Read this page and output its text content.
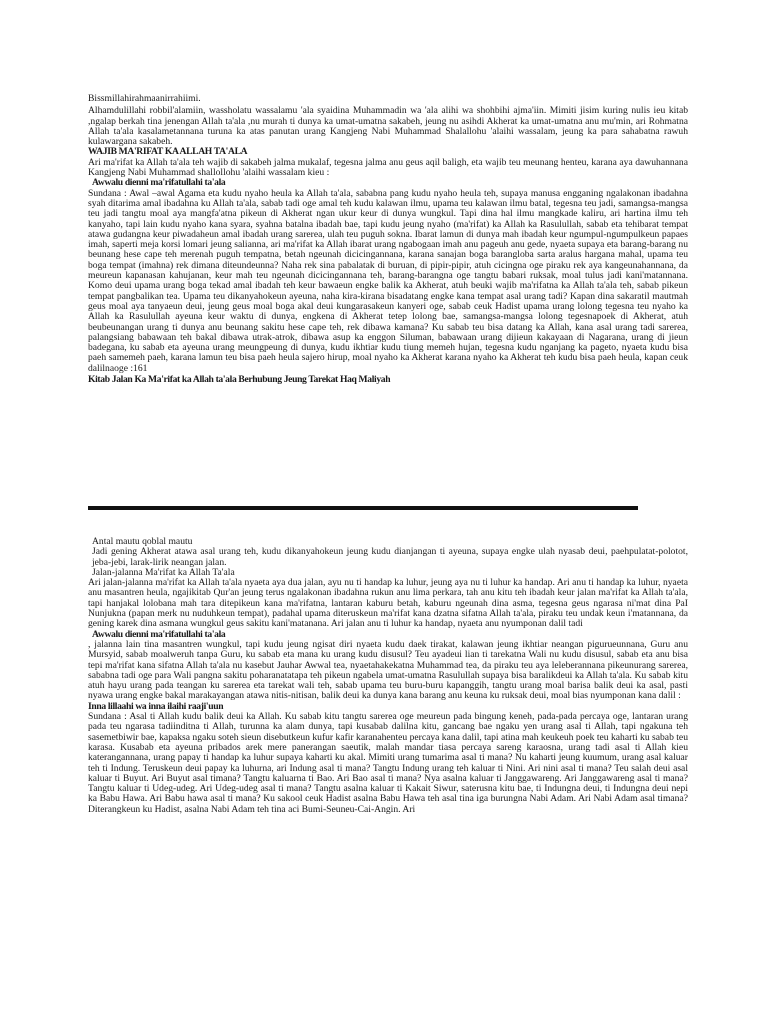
Bissmillahirahmaanirrahiimi.

Alhamdulillahi robbil'alamiin, wassholatu wassalamu 'ala syaidina Muhammadin wa 'ala alihi wa shohbihi ajma'iin. Mimiti jisim kuring nulis ieu kitab ,ngalap berkah tina jenengan Allah ta'ala ,nu murah ti dunya ka umat-umatna sakabeh, jeung nu asihdi Akherat ka umat-umatna anu mu'min, ari Rohmatna Allah ta'ala kasalametannana turuna ka atas panutan urang Kangjeng Nabi Muhammad Shalallohu 'alaihi wassalam, jeung ka para sahabatna rawuh kulawargana sakabeh.

WAJIB MA'RIFAT KA ALLAH TA'ALA

Ari ma'rifat ka Allah ta'ala teh wajib di sakabeh jalma mukalaf, tegesna jalma anu geus aqil baligh, eta wajib teu meunang henteu, karana aya dawuhannana Kangjeng Nabi Muhammad shallollohu 'alaihi wassalam kieu :

Awwalu dienni ma'rifatullahi ta'ala

Sundana : Awal –awal Agama eta kudu nyaho heula ka Allah ta'ala, sababna pang kudu nyaho heula teh, supaya manusa engganing ngalakonan ibadahna syah ditarima amal ibadahna ku Allah ta'ala, sabab tadi oge amal teh kudu kalawan ilmu, upama teu kalawan ilmu batal, tegesna teu jadi, samangsa-mangsa teu jadi tangtu moal aya mangfa'atna pikeun di Akherat ngan ukur keur di dunya wungkul. Tapi dina hal ilmu mangkade kaliru, ari hartina ilmu teh kanyaho, tapi lain kudu nyaho kana syara, syahna batalna ibadah bae, tapi kudu jeung nyaho (ma'rifat) ka Allah ka Rasulullah, sabab eta tehibarat tempat atawa gudangna keur piwadaheun amal ibadah urang sarerea, ulah teu puguh sokna. Ibarat lamun di dunya mah ibadah keur ngumpul-ngumpulkeun papaes imah, saperti meja korsi lomari jeung salianna, ari ma'rifat ka Allah ibarat urang ngabogaan imah anu pageuh anu gede, nyaeta supaya eta barang-barang nu beunang hese cape teh merenah puguh tempatna, betah ngeunah dicicingannana, karana sanajan boga barangloba sarta aralus hargana mahal, upama teu boga tempat (imahna) rek dimana diteundeunna? Naha rek sina pabalatak di buruan, di pipir-pipir, atuh cicingna oge piraku rek aya kangeunahannana, da meureun kapanasan kahujanan, keur mah teu ngeunah dicicingannana teh, barang-barangna oge tangtu babari ruksak, moal tulus jadi kani'matannana. Komo deui upama urang boga tekad amal ibadah teh keur bawaeun engke balik ka Akherat, atuh beuki wajib ma'rifatna ka Allah ta'ala teh, sabab pikeun tempat pangbalikan tea. Upama teu dikanyahokeun ayeuna, naha kira-kirana bisadatang engke kana tempat asal urang tadi? Kapan dina sakaratil mautmah geus moal aya tanyaeun deui, jeung geus moal boga akal deui kungarasakeun kanyeri oge, sabab ceuk Hadist upama urang lolong tegesna teu nyaho ka Allah ka Rasulullah ayeuna keur waktu di dunya, engkena di Akherat tetep lolong bae, samangsa-mangsa lolong tegesnapoek di Akherat, atuh beubeunangan urang ti dunya anu beunang sakitu hese cape teh, rek dibawa kamana? Ku sabab teu bisa datang ka Allah, kana asal urang tadi sarerea, palangsiang babawaan teh bakal dibawa utrak-atrok, dibawa asup ka enggon Siluman, babawaan urang dijieun kakayaan di Nagarana, urang di jieun badegana, ku sabab eta ayeuna urang meungpeung di dunya, kudu ikhtiar kudu tiung memeh hujan, tegesna kudu nganjang ka pageto, nyaeta kudu bisa paeh samemeh paeh, karana lamun teu bisa paeh heula sajero hirup, moal nyaho ka Akherat karana nyaho ka Akherat teh kudu bisa paeh heula, kapan ceuk dalilnaoge :161

Kitab Jalan Ka Ma'rifat ka Allah ta'ala Berhubung Jeung Tarekat Haq Maliyah

Antal mautu qoblal mautu

Jadi gening Akherat atawa asal urang teh, kudu dikanyahokeun jeung kudu dianjangan ti ayeuna, supaya engke ulah nyasab deui, paehpulatat-polotot, jeba-jebi, larak-lirik neangan jalan.

Jalan-jalanna Ma'rifat ka Allah Ta'ala

Ari jalan-jalanna ma'rifat ka Allah ta'ala nyaeta aya dua jalan, ayu nu ti handap ka luhur, jeung aya nu ti luhur ka handap. Ari anu ti handap ka luhur, nyaeta anu masantren heula, ngajikitab Qur'an jeung terus ngalakonan ibadahna rukun anu lima perkara, tah anu kitu teh ibadah keur jalan ma'rifat ka Allah ta'ala, tapi hanjakal lolobana mah tara ditepikeun kana ma'rifatna, lantaran kaburu betah, kaburu ngeunah dina asma, tegesna geus ngarasa ni'mat dina PaI Nunjukna (papan merk nu nuduhkeun tempat), padahal upama diteruskeun ma'rifat kana dzatna sifatna Allah ta'ala, piraku teu undak keun i'matannana, da gening karek dina asmana wungkul geus sakitu kani'matanana. Ari jalan anu ti luhur ka handap, nyaeta anu nyumponan dalil tadi

Awwalu dienni ma'rifatullahi ta'ala

, jalanna lain tina masantren wungkul, tapi kudu jeung ngisat diri nyaeta kudu daek tirakat, kalawan jeung ikhtiar neangan piguruеunnana, Guru anu Mursyid, sabab moalweruh tanpa Guru, ku sabab eta mana ku urang kudu disusul? Teu ayadeui lian ti tarekatna Wali nu kudu disusul, sabab eta anu bisa tepi ma'rifat kana sifatna Allah ta'ala nu kasebut Jauhar Awwal tea, nyaetahakekatna Muhammad tea, da piraku teu aya leleberannana pikeunurang sarerea, sababna tadi oge para Wali pangna sakitu poharanatatapa teh pikeun ngabela umat-umatna Rasulullah supaya bisa baralikdeui ka Allah ta'ala. Ku sabab kitu atuh hayu urang pada teangan ku sarerea eta tarekat wali teh, sabab upama teu buru-buru kapanggih, tangtu urang moal barisa balik deui ka asal, pasti nyawa urang engke bakal marakayangan atawa nitis-nitisan, balik deui ka dunya kana barang anu keuna ku ruksak deui, moal bias nyumponan kana dalil :

Inna lillaahi wa inna ilaihi raaji'uun

Sundana : Asal ti Allah kudu balik deui ka Allah. Ku sabab kitu tangtu sarerea oge meureun pada bingung keneh, pada-pada percaya oge, lantaran urang pada teu ngarasa tadiinditna ti Allah, turunna ka alam dunya, tapi kusabab dalilna kitu, gancang bae ngaku yen urang asal ti Allah, tapi ngakuna teh sasemetbiwir bae, kapaksa ngaku soteh sieun disebutkeun kufur kafir karanahentеu percaya kana dalil, tapi atina mah keukeuh poek teu kaharti ku sabab teu karasa. Kusabab eta ayeuna pribados arek mere panerangan saeutik, malah mandar tiasa percaya sareng karaosna, urang tadi asal ti Allah kieu katerangannana, urang papay ti handap ka luhur supaya kaharti ku akal. Mimiti urang tumarima asal ti mana? Nu kaharti jeung kuumum, urang asal kaluar teh ti Indung. Teruskeun deui papay ka luhurna, ari Indung asal ti mana? Tangtu Indung urang teh kaluar ti Nini. Ari nini asal ti mana? Teu salah deui asal kaluar ti Buyut. Ari Buyut asal timana? Tangtu kaluarna ti Bao. Ari Bao asal ti mana? Nya asalna kaluar ti Janggawareng. Ari Janggawareng asal ti mana? Tangtu kaluar ti Udeg-udeg. Ari Udeg-udeg asal ti mana? Tangtu asalna kaluar ti Kakait Siwur, saterusna kitu bae, ti Indungna deui, ti Indungna deui nepi ka Babu Hawa. Ari Babu hawa asal ti mana? Ku sakool ceuk Hadist asalna Babu Hawa teh asal tina iga burungna Nabi Adam. Ari Nabi Adam asal timana? Diterangkeun ku Hadist, asalna Nabi Adam teh tina aci Bumi-Seuneu-Cai-Angin. Ari
